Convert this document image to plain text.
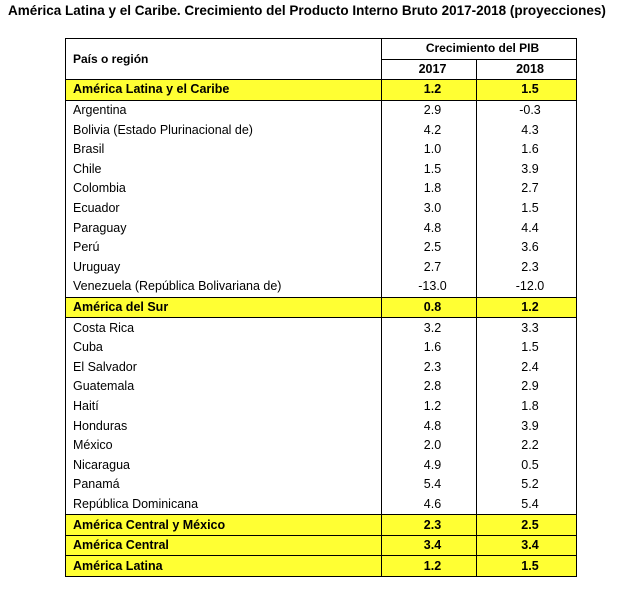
América Latina y el Caribe. Crecimiento del Producto Interno Bruto 2017-2018 (proyecciones)
País o región	Crecimiento del PIB	
	2017	2018
América Latina y el Caribe	1.2	1.5
Argentina	2.9	-0.3
Bolivia (Estado Plurinacional de)	4.2	4.3
Brasil	1.0	1.6
Chile	1.5	3.9
Colombia	1.8	2.7
Ecuador	3.0	1.5
Paraguay	4.8	4.4
Perú	2.5	3.6
Uruguay	2.7	2.3
Venezuela (República Bolivariana de)	-13.0	-12.0
América del Sur	0.8	1.2
Costa Rica	3.2	3.3
Cuba	1.6	1.5
El Salvador	2.3	2.4
Guatemala	2.8	2.9
Haití	1.2	1.8
Honduras	4.8	3.9
México	2.0	2.2
Nicaragua	4.9	0.5
Panamá	5.4	5.2
República Dominicana	4.6	5.4
América Central y México	2.3	2.5
América Central	3.4	3.4
América Latina	1.2	1.5
